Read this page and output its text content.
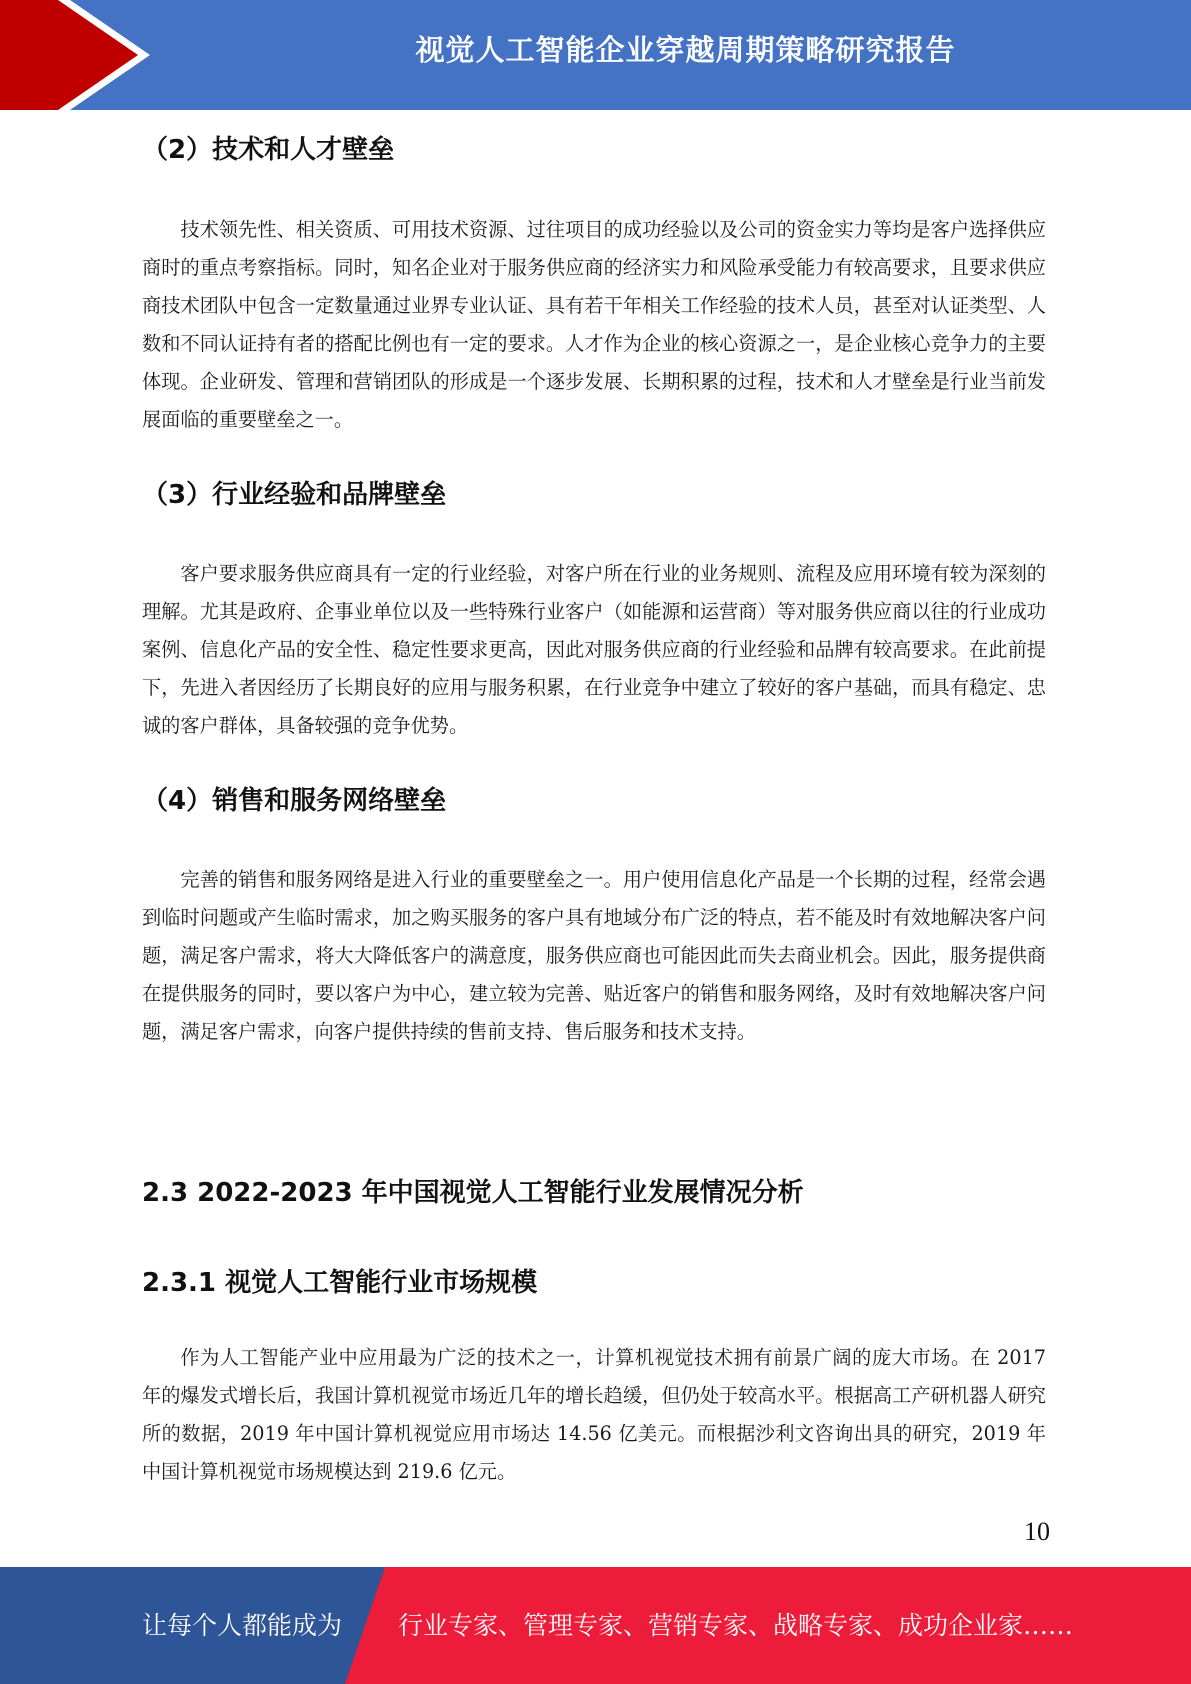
视觉人工智能企业穿越周期策略研究报告
（2）技术和人才壁垒

技术领先性、相关资质、可用技术资源、过往项目的成功经验以及公司的资金实力等均是客户选择供应商时的重点考察指标。同时，知名企业对于服务供应商的经济实力和风险承受能力有较高要求，且要求供应商技术团队中包含一定数量通过业界专业认证、具有若干年相关工作经验的技术人员，甚至对认证类型、人数和不同认证持有者的搭配比例也有一定的要求。人才作为企业的核心资源之一，是企业核心竞争力的主要体现。企业研发、管理和营销团队的形成是一个逐步发展、长期积累的过程，技术和人才壁垒是行业当前发展面临的重要壁垒之一。

（3）行业经验和品牌壁垒

客户要求服务供应商具有一定的行业经验，对客户所在行业的业务规则、流程及应用环境有较为深刻的理解。尤其是政府、企事业单位以及一些特殊行业客户（如能源和运营商）等对服务供应商以往的行业成功案例、信息化产品的安全性、稳定性要求更高，因此对服务供应商的行业经验和品牌有较高要求。在此前提下，先进入者因经历了长期良好的应用与服务积累，在行业竞争中建立了较好的客户基础，而具有稳定、忠诚的客户群体，具备较强的竞争优势。

（4）销售和服务网络壁垒

完善的销售和服务网络是进入行业的重要壁垒之一。用户使用信息化产品是一个长期的过程，经常会遇到临时问题或产生临时需求，加之购买服务的客户具有地域分布广泛的特点，若不能及时有效地解决客户问题，满足客户需求，将大大降低客户的满意度，服务供应商也可能因此而失去商业机会。因此，服务提供商在提供服务的同时，要以客户为中心，建立较为完善、贴近客户的销售和服务网络，及时有效地解决客户问题，满足客户需求，向客户提供持续的售前支持、售后服务和技术支持。

2.3 2022-2023 年中国视觉人工智能行业发展情况分析
2.3.1 视觉人工智能行业市场规模

作为人工智能产业中应用最为广泛的技术之一，计算机视觉技术拥有前景广阔的庞大市场。在 2017 年的爆发式增长后，我国计算机视觉市场近几年的增长趋缓，但仍处于较高水平。根据高工产研机器人研究所的数据，2019 年中国计算机视觉应用市场达 14.56 亿美元。而根据沙利文咨询出具的研究，2019 年中国计算机视觉市场规模达到 219.6 亿元。

10
让每个人都能成为 行业专家、管理专家、营销专家、战略专家、成功企业家……
